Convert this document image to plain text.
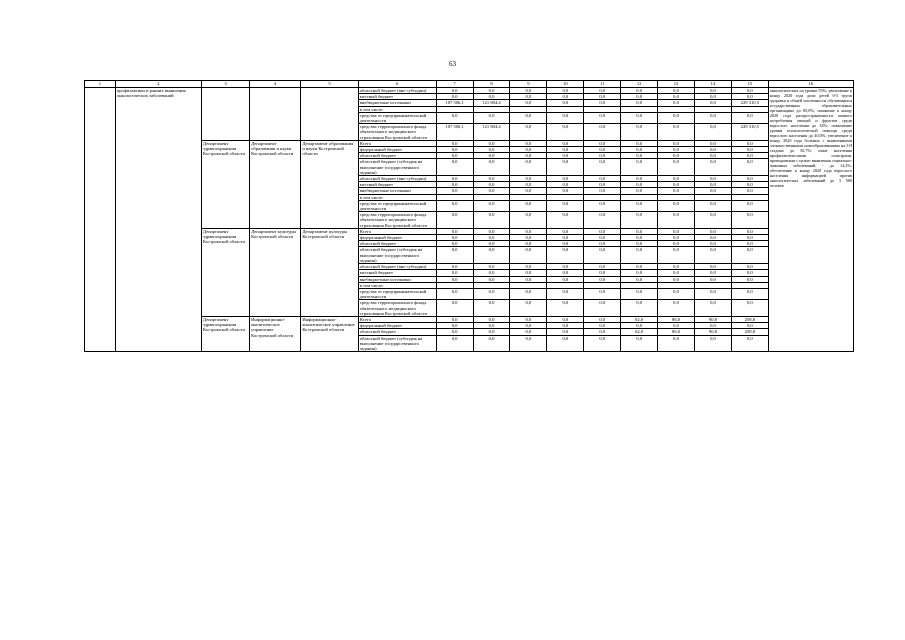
63
1	2	3	4	5	6	7	8	9	10	11	12	13	14	15	16
	профилактики и ранних выявления онкологических заболеваний				областной бюджет (вне субсидии)	0,0	0,0	0,0	0,0	0,0	0,0	0,0	0,0	0,0	онкологических по уровне 55%; увеличение к концу 2020 года доли детей 0-5 групп здоровья в общей численности обучающихся государственных образовательных организациях до 85,0%; снижение к концу 2020 года распространенности низкого потребления овощей и фруктов среди взрослого населения до 34%; повышение уровня психологической помощи среди взрослого населения до 40,0%; увеличение к концу 2020 года больных с выявленными злокачественными новообразованиями на I-II стадиях до 56,7%; охват населения профилактическими осмотрами, проводимыми с целью выявления социально-значимых заболеваний, - до 14,2%; обеспечение к концу 2020 года взрослого населения информацией против онкологических заболеваний до 3 580 человек
					местный бюджет	0,0	0,0	0,0	0,0	0,0	0,0	0,0	0,0	0,0	
					внебюджетные источники	107 506,1	121 804,4	0,0	0,0	0,0	0,0	0,0	0,0	229 310,5	
					в том числе:										
					средства от предпринимательской деятельности	0,0	0,0	0,0	0,0	0,0	0,0	0,0	0,0	0,0	
					средства территориального фонда обязательного медицинского страхования Костромской области	107 506,1	121 804,4	0,0	0,0	0,0	0,0	0,0	0,0	229 310,5	
		Департамент здравоохранения Костромской области	Департамент образования и науки Костромской области	Департамент образования и науки Костромской области	Всего	0,0	0,0	0,0	0,0	0,0	0,0	0,0	0,0	0,0	
					федеральный бюджет	0,0	0,0	0,0	0,0	0,0	0,0	0,0	0,0	0,0	
					областной бюджет	0,0	0,0	0,0	0,0	0,0	0,0	0,0	0,0	0,0	
					областной бюджет (субсидия на выполнение государственного задания)	0,0	0,0	0,0	0,0	0,0	0,0	0,0	0,0	0,0	
					областной бюджет (вне субсидии)	0,0	0,0	0,0	0,0	0,0	0,0	0,0	0,0	0,0	
					местный бюджет	0,0	0,0	0,0	0,0	0,0	0,0	0,0	0,0	0,0	
					внебюджетные источники	0,0	0,0	0,0	0,0	0,0	0,0	0,0	0,0	0,0	
					в том числе:										
					средства от предпринимательской деятельности	0,0	0,0	0,0	0,0	0,0	0,0	0,0	0,0	0,0	
					средства территориального фонда обязательного медицинского страхования Костромской области	0,0	0,0	0,0	0,0	0,0	0,0	0,0	0,0	0,0	
		Департамент здравоохранения Костромской области	Департамент культуры Костромской области	Департамент культуры Костромской области	Всего	0,0	0,0	0,0	0,0	0,0	0,0	0,0	0,0	0,0	
					федеральный бюджет	0,0	0,0	0,0	0,0	0,0	0,0	0,0	0,0	0,0	
					областной бюджет	0,0	0,0	0,0	0,0	0,0	0,0	0,0	0,0	0,0	
					областной бюджет (субсидия на выполнение государственного задания)	0,0	0,0	0,0	0,0	0,0	0,0	0,0	0,0	0,0	
					областной бюджет (вне субсидии)	0,0	0,0	0,0	0,0	0,0	0,0	0,0	0,0	0,0	
					местный бюджет	0,0	0,0	0,0	0,0	0,0	0,0	0,0	0,0	0,0	
					внебюджетные источники	0,0	0,0	0,0	0,0	0,0	0,0	0,0	0,0	0,0	
					в том числе:										
					средства от предпринимательской деятельности	0,0	0,0	0,0	0,0	0,0	0,0	0,0	0,0	0,0	
					средства территориального фонда обязательного медицинского страхования Костромской области	0,0	0,0	0,0	0,0	0,0	0,0	0,0	0,0	0,0	
		Департамент здравоохранения Костромской области	Информационно-аналитическое управление Костромской области	Информационно-аналитическое управление Костромской области	Всего	0,0	0,0	0,0	0,0	0,0	62,0	86,0	90,8	258,8	
					федеральный бюджет	0,0	0,0	0,0	0,0	0,0	0,0	0,0	0,0	0,0	
					областной бюджет	0,0	0,0	0,0	0,0	0,0	62,0	86,0	90,8	258,8	
					областной бюджет (субсидия на выполнение государственного задания)	0,0	0,0	0,0	0,0	0,0	0,0	0,0	0,0	0,0	
